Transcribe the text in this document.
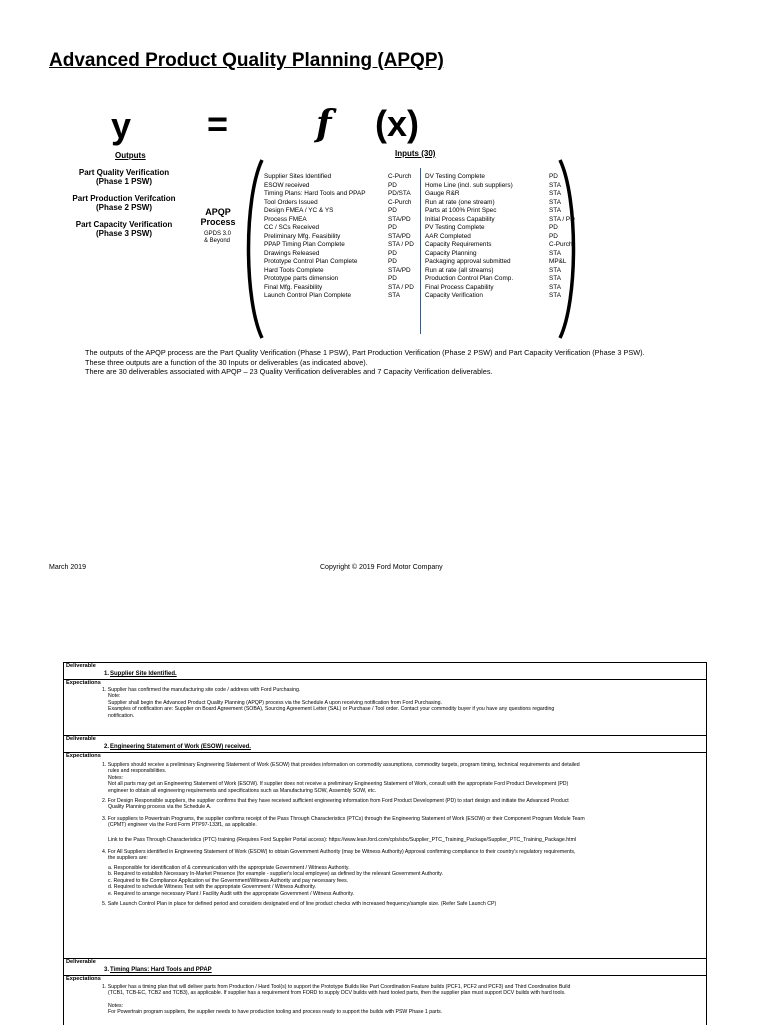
Advanced Product Quality Planning (APQP)
y = f (x)
Outputs	Inputs (30)
Part Quality Verification (Phase 1 PSW)
Part Production Verifcation (Phase 2 PSW)
Part Capacity Verification (Phase 3 PSW)
APQP Process
GPDS 3.0
& Beyond
Supplier Sites Identified
ESOW received
Timing Plans: Hard Tools and PPAP
Tool Orders Issued
Design FMEA / YC & YS
Process FMEA
CC / SCs Received
Preliminary Mfg. Feasibility
PPAP Timing Plan Complete
Drawings Released
Prototype Control Plan Complete
Hard Tools Complete
Prototype parts dimension
Final Mfg. Feasibility
Launch Control Plan Complete
C-Purch
PD
PD/STA
C-Purch
PD
STA/PD
PD
STA/PD
STA / PD
PD
PD
STA/PD
PD
STA / PD
STA
DV Testing Complete
Home Line (incl. sub suppliers)
Gauge R&R
Run at rate (one stream)
Parts at 100% Print Spec
Initial Process Capability
PV Testing Complete
AAR Completed
Capacity Requirements
Capacity Planning
Packaging approval submitted
Run at rate (all streams)
Production Control Plan Comp.
Final Process Capability
Capacity Verification
PD
STA
STA
STA
STA
STA / PD
PD
PD
C-Purch
STA
MP&L
STA
STA
STA
STA
The outputs of the APQP process are the Part Quality Verification (Phase 1 PSW), Part Production Verification (Phase 2 PSW) and Part Capacity Verification (Phase 3 PSW).
These three outputs are a function of the 30 Inputs or deliverables (as indicated above).
There are 30 deliverables associated with APQP – 23 Quality Verification deliverables and 7 Capacity Verification deliverables.
March 2019	Copyright © 2019 Ford Motor Company
Deliverable
1.Supplier Site Identified.
Expectations
1. Supplier has confirmed the manufacturing site code / address with Ford Purchasing.
Note:
Supplier shall begin the Advanced Product Quality Planning (APQP) process via the Schedule A upon receiving notification from Ford Purchasing.
Examples of notification are: Supplier on Board Agreement (SOBA), Sourcing Agreement Letter (SAL) or Purchase / Tool order. Contact your commodity buyer if you have any questions regarding
notification.
Deliverable
2.Engineering Statement of Work (ESOW) received.
Expectations
1. Suppliers should receive a preliminary Engineering Statement of Work (ESOW) that provides information on commodity assumptions, commodity targets, program timing, technical requirements and detailed
rules and responsibilities.
Notes:
Not all parts may get an Engineering Statement of Work (ESOW). If supplier does not receive a preliminary Engineering Statement of Work, consult with the appropriate Ford Product Development (PD)
engineer to obtain all engineering requirements and specifications such as Manufacturing SOW, Assembly SOW, etc.
2. For Design Responsible suppliers, the supplier confirms that they have received sufficient engineering information from Ford Product Development (PD) to start design and initiate the Advanced Product
Quality Planning process via the Schedule A.
3. For suppliers to Powertrain Programs, the supplier confirms receipt of the Pass Through Characteristics (PTCs) through the Engineering Statement of Work (ESOW) or their Component Program Module Team
(CPMT) engineer via the Ford Form PTP97-133f1, as applicable.
Link to the Pass Through Characteristics (PTC) training (Requires Ford Supplier Portal access): https://www.lean.ford.com/cpls/sbc/Supplier_PTC_Training_Package/Supplier_PTC_Training_Package.html
4. For All Suppliers identified in Engineering Statement of Work (ESOW) to obtain Government Authority (may be Witness Authority) Approval confirming compliance to their country's regulatory requirements,
the suppliers are:
a. Responsible for identification of & communication with the appropriate Government / Witness Authority.
b. Required to establish Necessary In-Market Presence (for example - supplier's local employee) as defined by the relevant Government Authority.
c. Required to file Compliance Application w/ the Government/Witness Authority and pay necessary fees.
d. Required to schedule Witness Test with the appropriate Government / Witness Authority.
e. Required to arrange necessary Plant / Facility Audit with the appropriate Government / Witness Authority.
5. Safe Launch Control Plan in place for defined period and considers designated end of line product checks with increased frequency/sample size. (Refer Safe Launch CP)
Deliverable
3.Timing Plans: Hard Tools and PPAP
Expectations
1. Supplier has a timing plan that will deliver parts from Production / Hard Tool(s) to support the Prototype Builds like Part Coordination Feature builds (PCF1, PCF2 and PCF3) and Third Coordination Build
(TCB1, TCB-EC, TCB2 and TCB3), as applicable. If supplier has a requirement from FORD to supply DCV builds with hard tooled parts, then the supplier plan must support DCV builds with hard tools.
Notes:
For Powertrain program suppliers, the supplier needs to have production tooling and process ready to support the builds with PSW Phase 1 parts.
